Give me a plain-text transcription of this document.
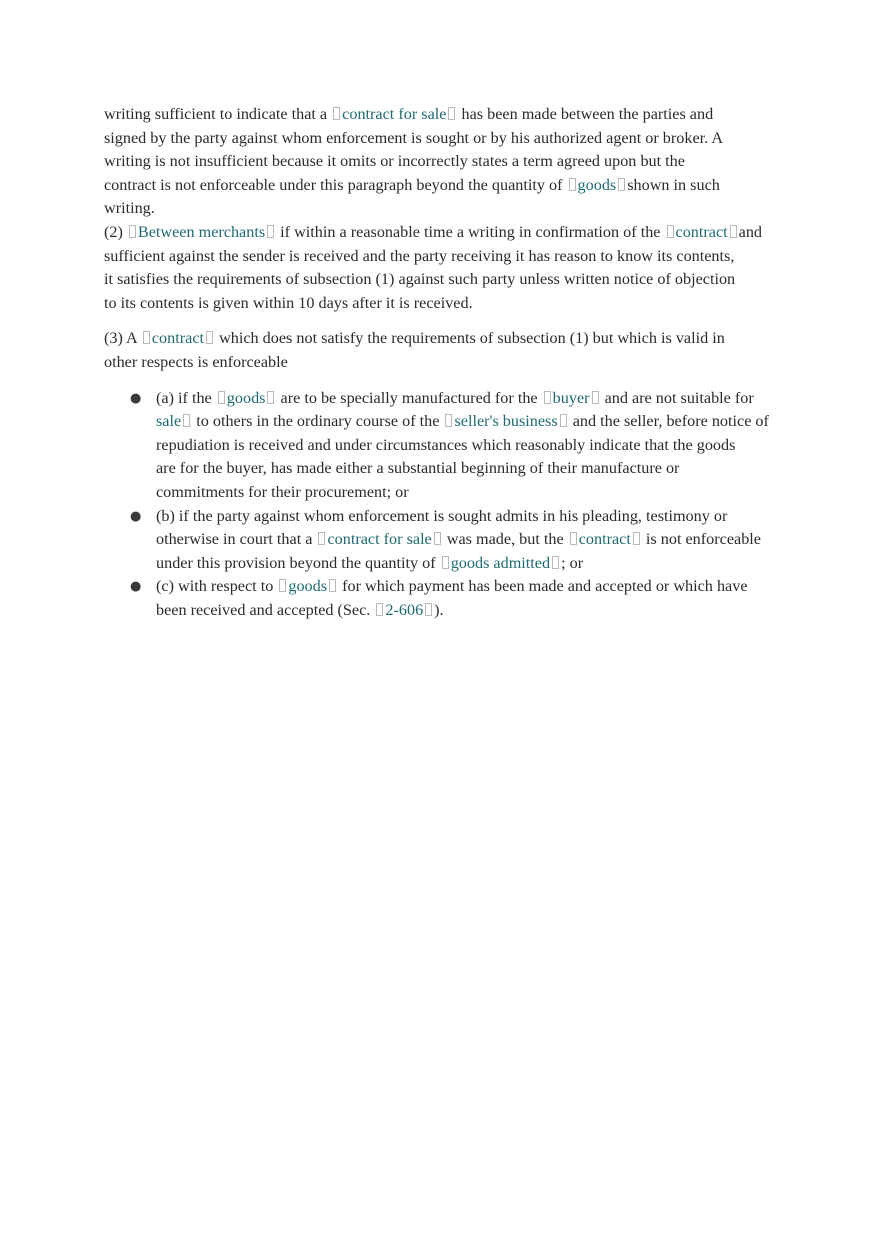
writing sufficient to indicate that a contract for sale has been made between the parties and
signed by the party against whom enforcement is sought or by his authorized agent or broker. A
writing is not insufficient because it omits or incorrectly states a term agreed upon but the
contract is not enforceable under this paragraph beyond the quantity of goods shown in such
writing.

(2) Between merchants if within a reasonable time a writing in confirmation of the contract and
sufficient against the sender is received and the party receiving it has reason to know its contents,
it satisfies the requirements of subsection (1) against such party unless written notice of objection
to its contents is given within 10 days after it is received.

(3) A contract which does not satisfy the requirements of subsection (1) but which is valid in
other respects is enforceable

● (a) if the goods are to be specially manufactured for the buyer and are not suitable for
sale to others in the ordinary course of the seller's business and the seller, before notice of
repudiation is received and under circumstances which reasonably indicate that the goods
are for the buyer, has made either a substantial beginning of their manufacture or
commitments for their procurement; or
● (b) if the party against whom enforcement is sought admits in his pleading, testimony or
otherwise in court that a contract for sale was made, but the contract is not enforceable
under this provision beyond the quantity of goods admitted ; or
● (c) with respect to goods for which payment has been made and accepted or which have
been received and accepted (Sec. 2-606 ).
